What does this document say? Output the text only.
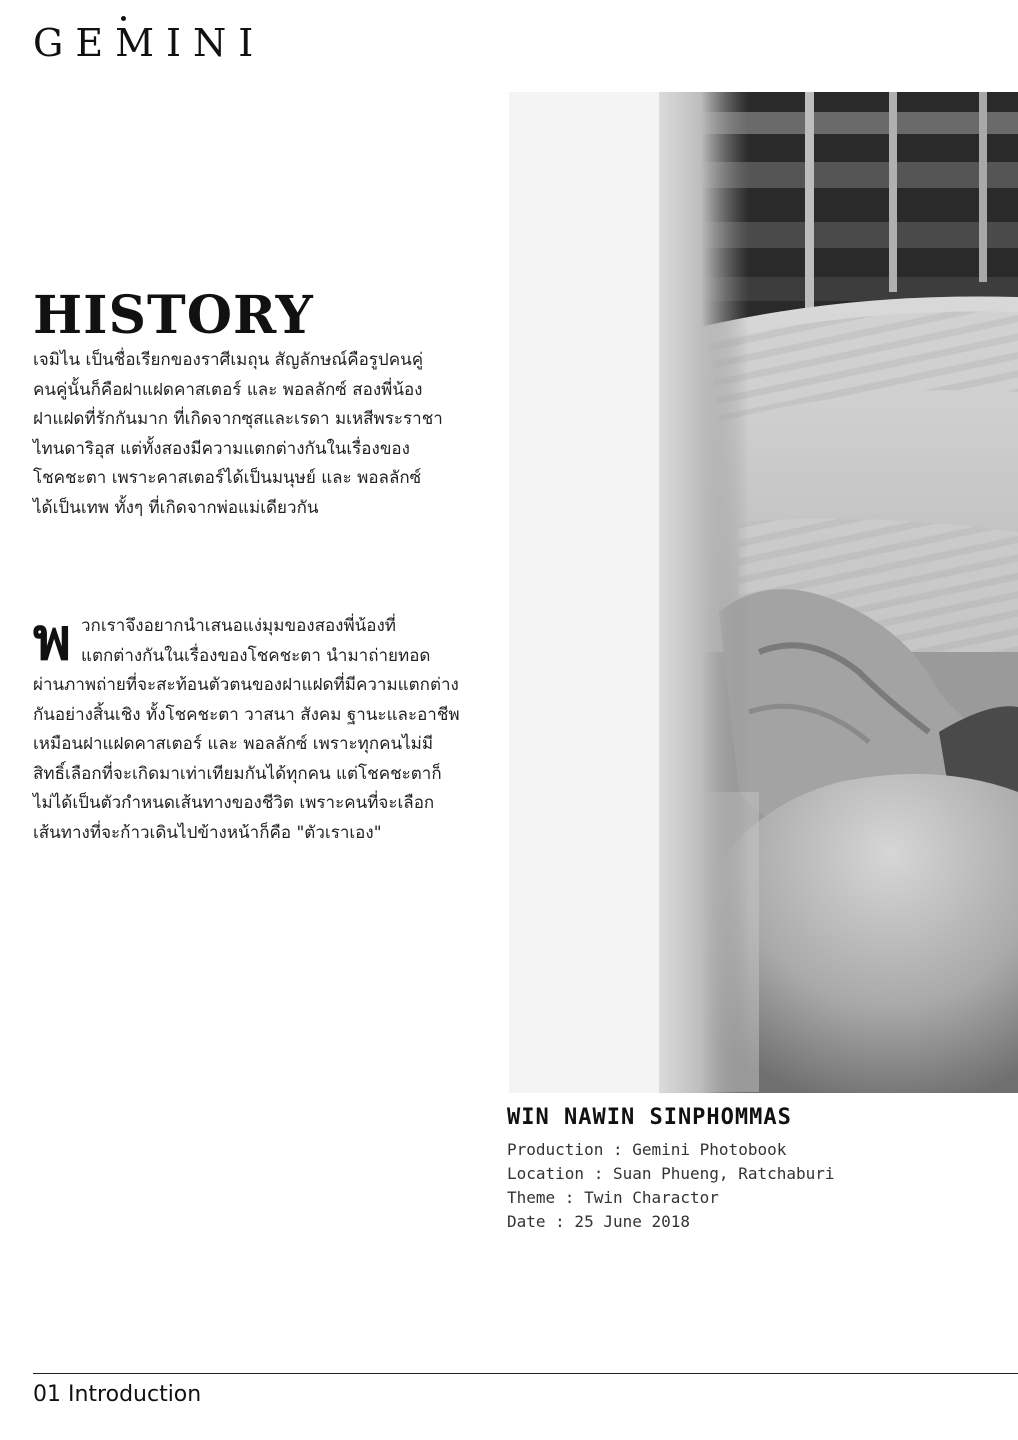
GEMINI
HISTORY

เจมิไน เป็นชื่อเรียกของราศีเมถุน สัญลักษณ์คือรูปคนคู่
คนคู่นั้นก็คือฝาแฝดคาสเตอร์ และ พอลลักซ์ สองพี่น้อง
ฝาแฝดที่รักกันมาก ที่เกิดจากซุสและเรดา มเหสีพระราชา
ไทนดาริอุส แต่ทั้งสองมีความแตกต่างกันในเรื่องของ
โชคชะตา เพราะคาสเตอร์ได้เป็นมนุษย์ และ พอลลักซ์
ได้เป็นเทพ ทั้งๆ ที่เกิดจากพ่อแม่เดียวกัน

พ วกเราจึงอยากนำเสนอแง่มุมของสองพี่น้องที่
แตกต่างกันในเรื่องของโชคชะตา นำมาถ่ายทอด
ผ่านภาพถ่ายที่จะสะท้อนตัวตนของฝาแฝดที่มีความแตกต่าง
กันอย่างสิ้นเชิง ทั้งโชคชะตา วาสนา สังคม ฐานะและอาชีพ
เหมือนฝาแฝดคาสเตอร์ และ พอลลักซ์ เพราะทุกคนไม่มี
สิทธิ์เลือกที่จะเกิดมาเท่าเทียมกันได้ทุกคน แต่โชคชะตาก็
ไม่ได้เป็นตัวกำหนดเส้นทางของชีวิต เพราะคนที่จะเลือก
เส้นทางที่จะก้าวเดินไปข้างหน้าก็คือ "ตัวเราเอง"
WIN NAWIN SINPHOMMAS
Production : Gemini Photobook
Location : Suan Phueng, Ratchaburi
Theme : Twin Charactor
Date : 25 June 2018
01 Introduction
